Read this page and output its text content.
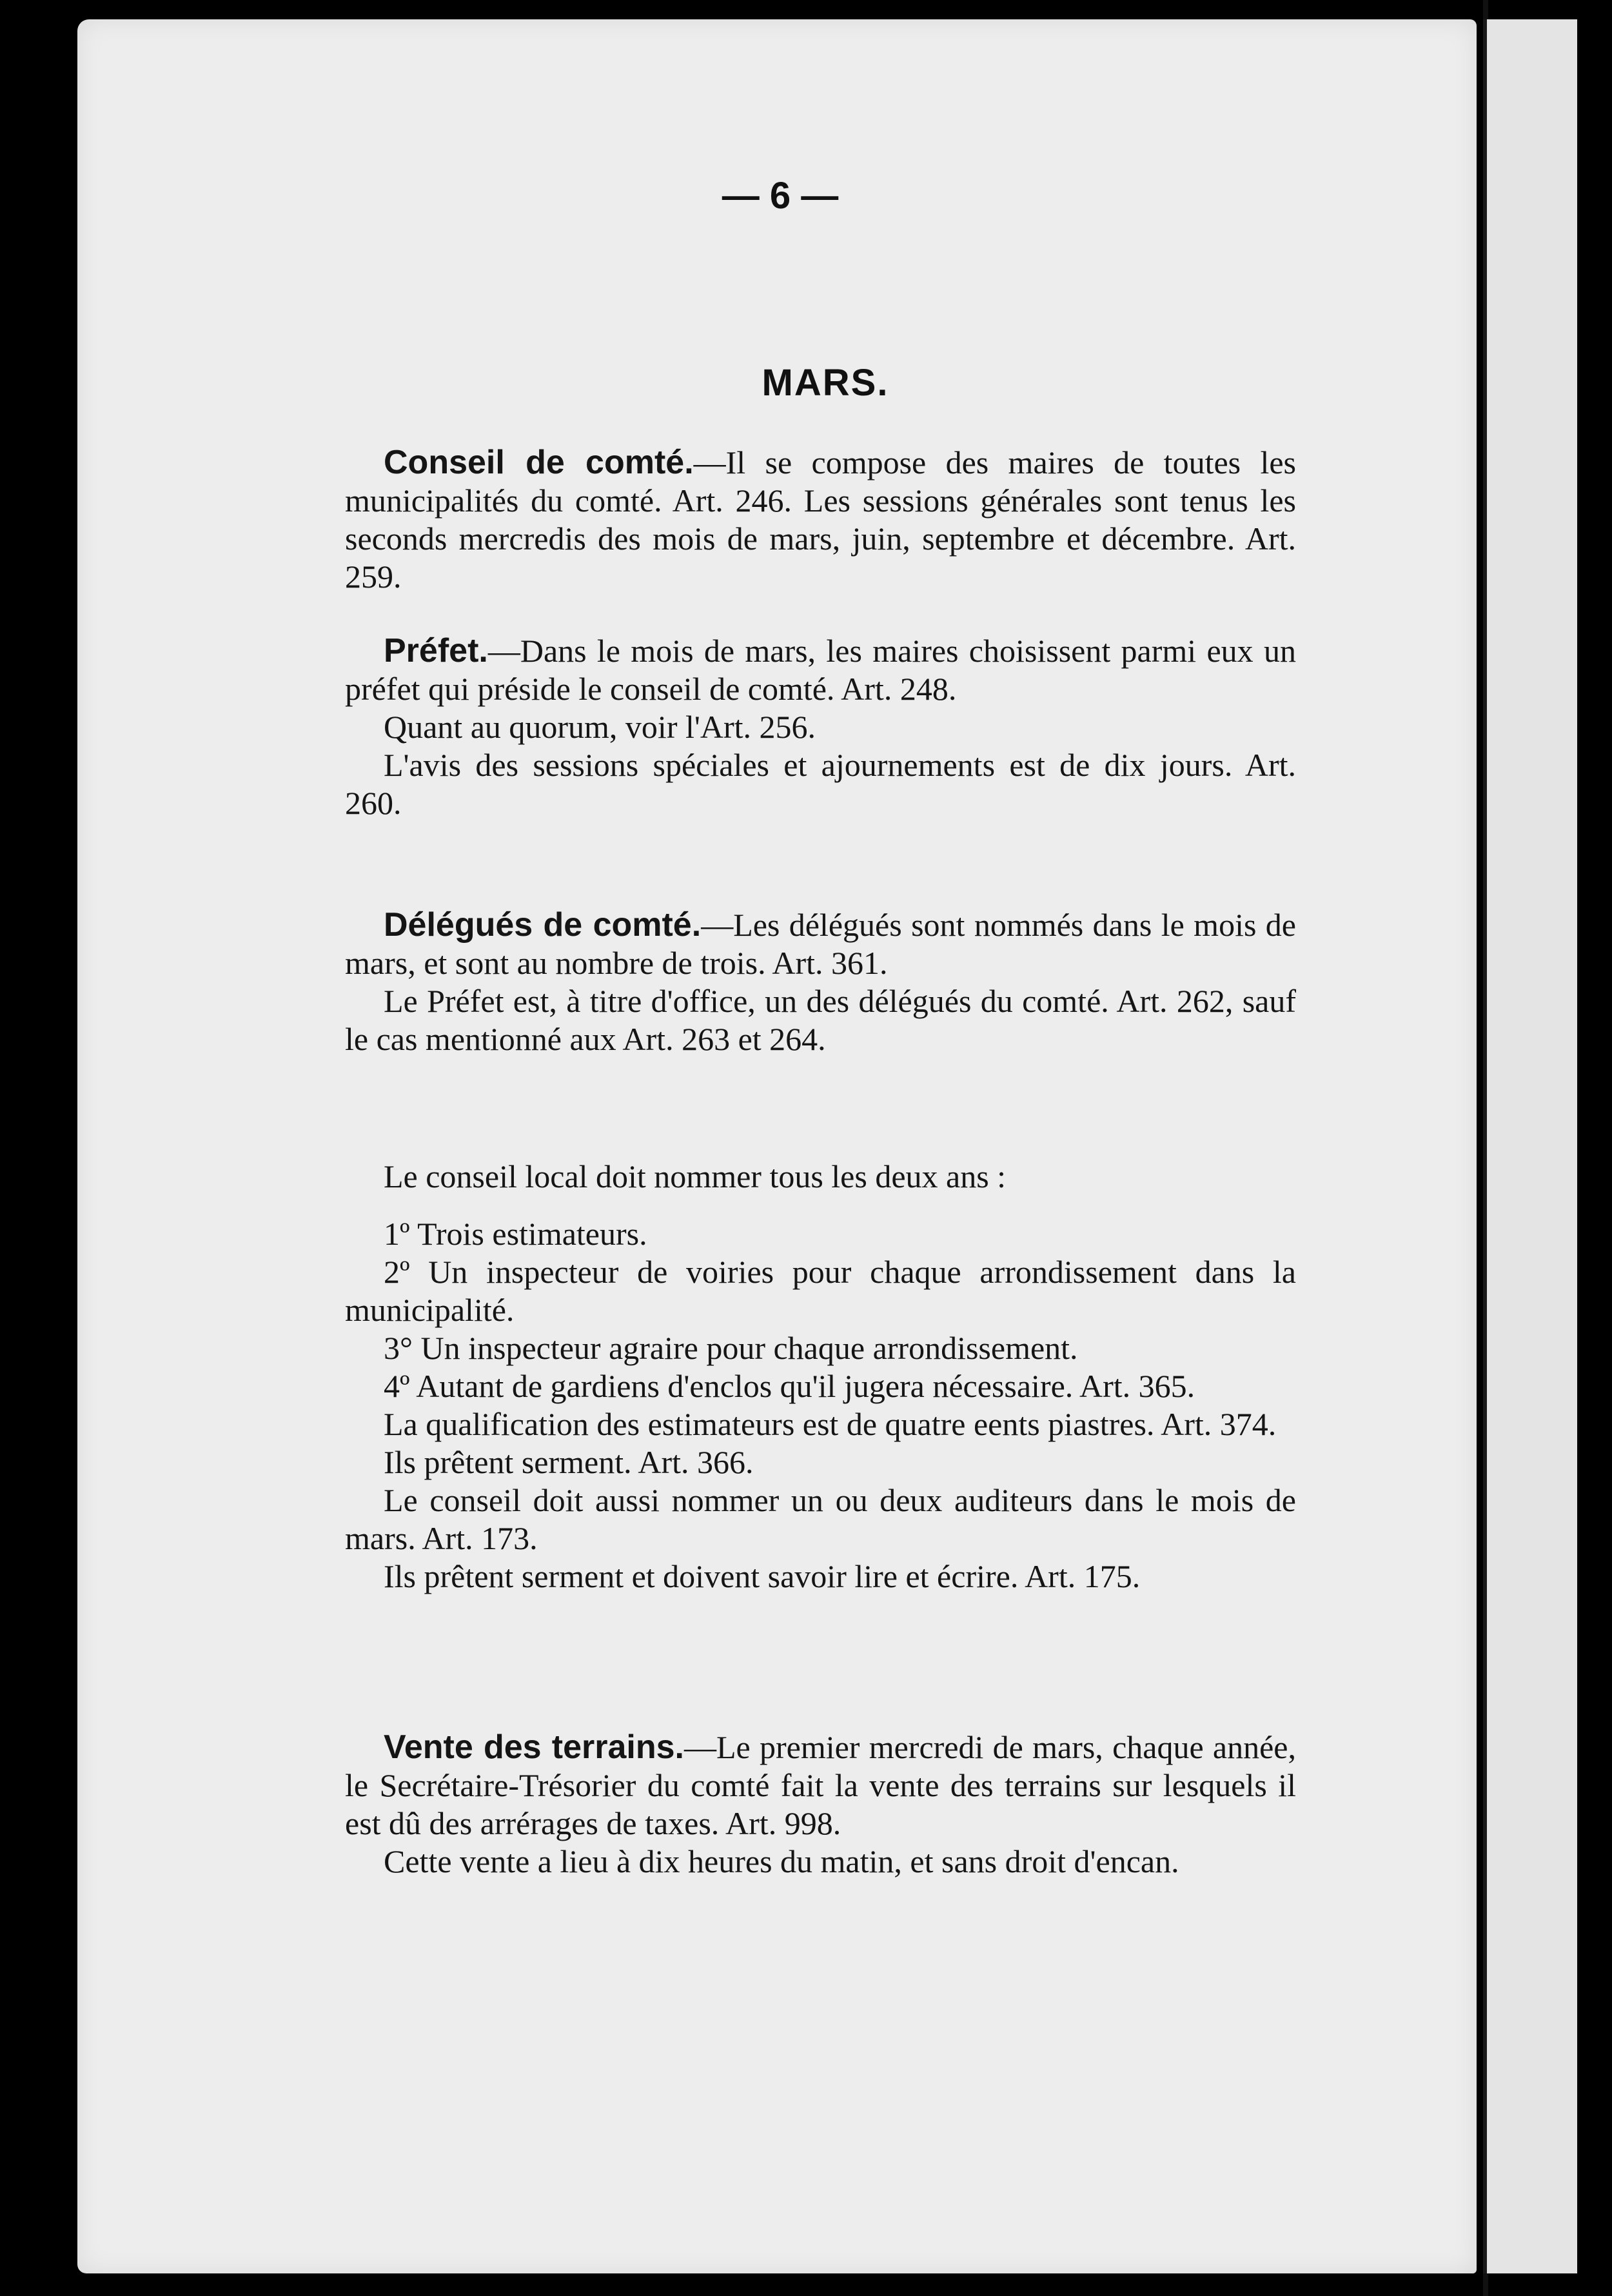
— 6 —
MARS.

Conseil de comté.—Il se compose des maires de toutes les municipalités du comté. Art. 246. Les sessions générales sont tenus les seconds mercredis des mois de mars, juin, septembre et décembre. Art. 259.

Préfet.—Dans le mois de mars, les maires choisissent parmi eux un préfet qui préside le conseil de comté. Art. 248.

Quant au quorum, voir l'Art. 256.

L'avis des sessions spéciales et ajournements est de dix jours. Art. 260.

Délégués de comté.—Les délégués sont nommés dans le mois de mars, et sont au nombre de trois. Art. 361.

Le Préfet est, à titre d'office, un des délégués du comté. Art. 262, sauf le cas mentionné aux Art. 263 et 264.

Le conseil local doit nommer tous les deux ans :

1º Trois estimateurs.

2º Un inspecteur de voiries pour chaque arrondissement dans la municipalité.

3° Un inspecteur agraire pour chaque arrondissement.

4º Autant de gardiens d'enclos qu'il jugera nécessaire. Art. 365.

La qualification des estimateurs est de quatre eents piastres. Art. 374.

Ils prêtent serment. Art. 366.

Le conseil doit aussi nommer un ou deux auditeurs dans le mois de mars. Art. 173.

Ils prêtent serment et doivent savoir lire et écrire. Art. 175.

Vente des terrains.—Le premier mercredi de mars, chaque année, le Secrétaire-Trésorier du comté fait la vente des terrains sur lesquels il est dû des arrérages de taxes. Art. 998.

Cette vente a lieu à dix heures du matin, et sans droit d'encan.
